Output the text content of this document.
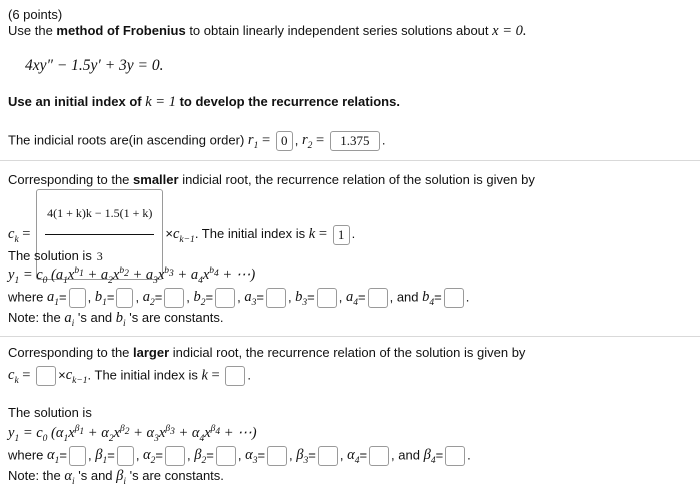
(6 points)
Use the method of Frobenius to obtain linearly independent series solutions about x = 0.
4xy″ − 1.5y′ + 3y = 0.
Use an initial index of k = 1 to develop the recurrence relations.
The indicial roots are(in ascending order) $r_1 = 0$ , $r_2 = 1.375$ .
Corresponding to the smaller indicial root, the recurrence relation of the solution is given by
$c_k = \frac{4(1 + k)k - 1.5(1 + k)}{3} \times c_{k-1}$. The initial index is k = 1 .
The solution is
$y_1 = c_0$ ($a_1x^{b_1} + a_2x^{b_2} + a_3x^{b_3} + a_4x^{b_4}$ + ⋯)
where $a_1=$ , $b_1=$ , $a_2=$ , $b_2=$ , $a_3=$ , $b_3=$ , $a_4=$ , and $b_4=$ .
Note: the $a_i$ 's and $b_i$ 's are constants.
Corresponding to the larger indicial root, the recurrence relation of the solution is given by
$c_k = \times c_{k-1}$. The initial index is k = .
The solution is
$y_1 = c_0$ ($\alpha_1x^{\beta_1} + \alpha_2x^{\beta_2} + \alpha_3x^{\beta_3} + \alpha_4x^{\beta_4}$ + ⋯)
where $\alpha_1=$ , $\beta_1=$ , $\alpha_2=$ , $\beta_2=$ , $\alpha_3=$ , $\beta_3=$ , $\alpha_4=$ , and $\beta_4=$ .
Note: the $\alpha_i$ 's and $\beta_i$ 's are constants.
